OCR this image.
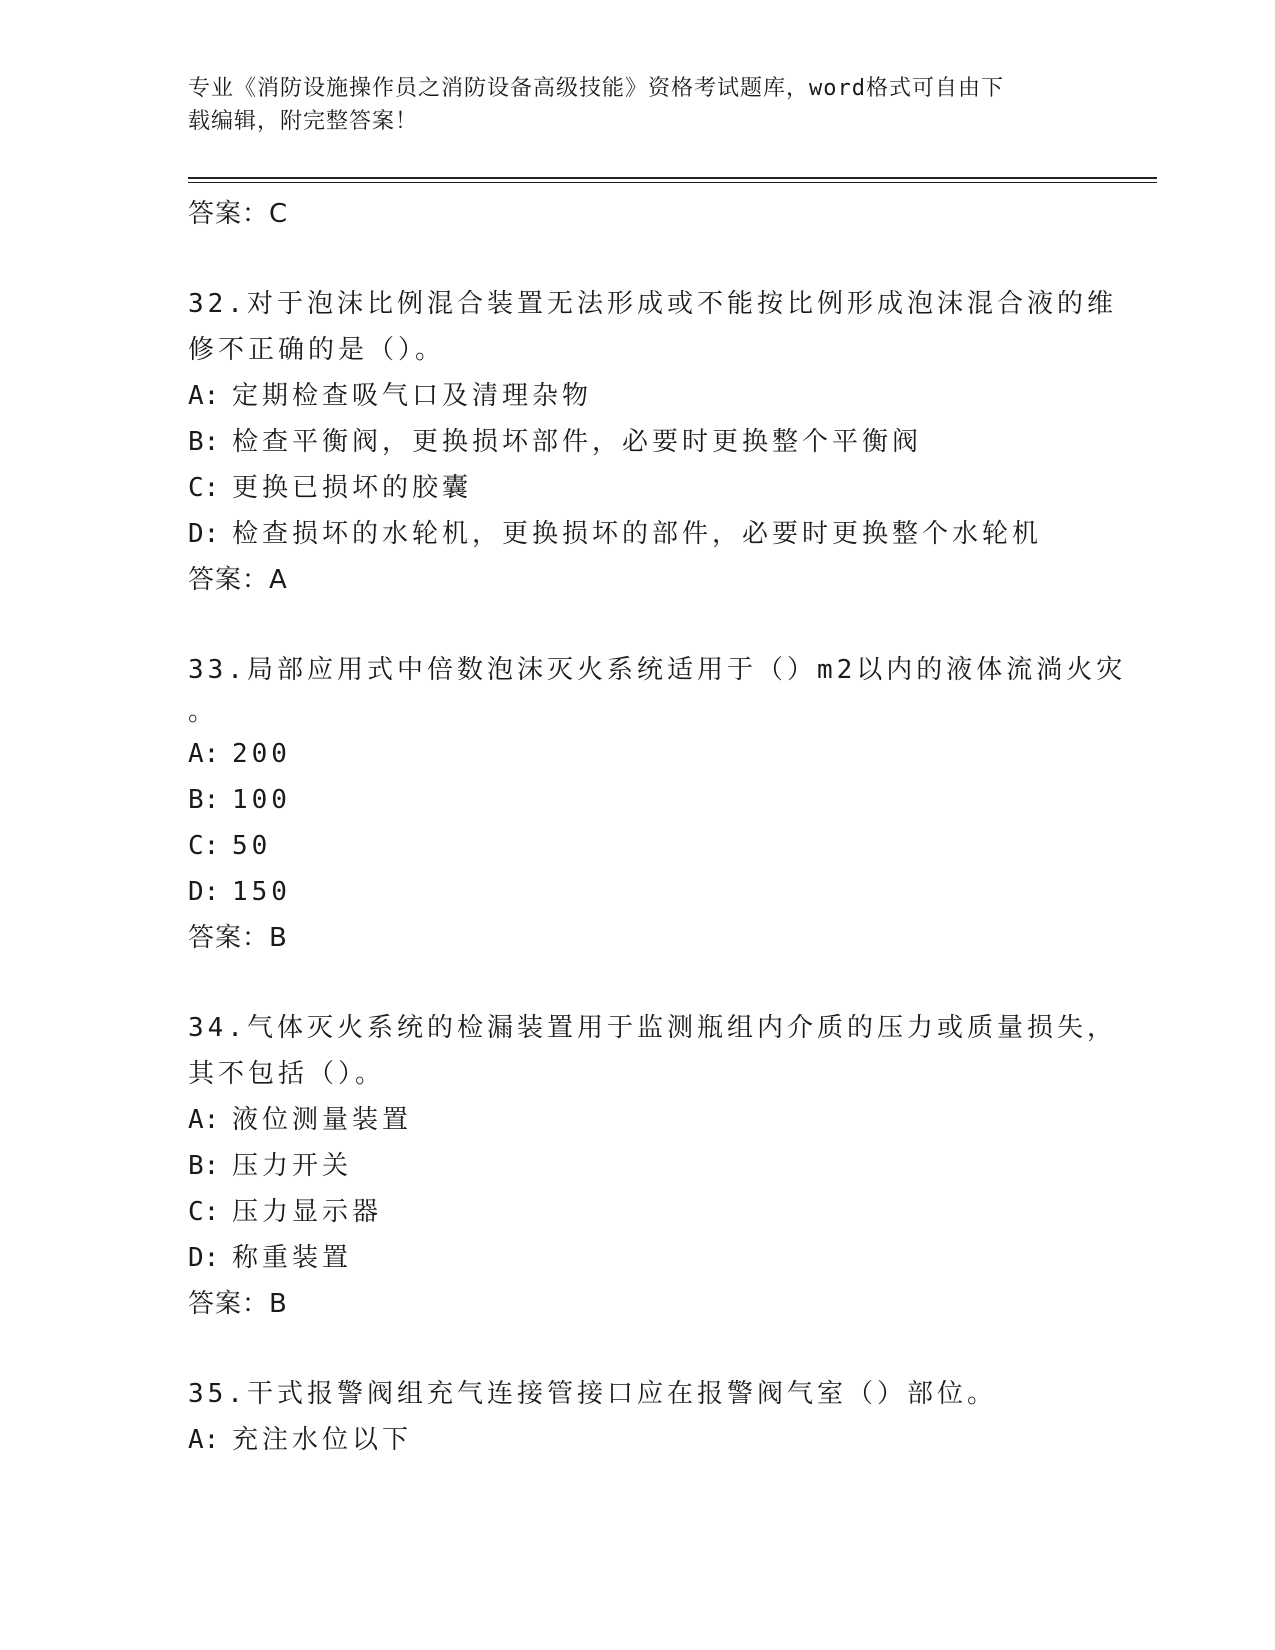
专业《消防设施操作员之消防设备高级技能》资格考试题库，word格式可自由下
载编辑，附完整答案！
答案：C
32.对于泡沫比例混合装置无法形成或不能按比例形成泡沫混合液的维
修不正确的是（）。
A: 定期检查吸气口及清理杂物
B: 检查平衡阀，更换损坏部件，必要时更换整个平衡阀
C: 更换已损坏的胶囊
D: 检查损坏的水轮机，更换损坏的部件，必要时更换整个水轮机
答案：A
33.局部应用式中倍数泡沫灭火系统适用于（）m2以内的液体流淌火灾
。
A: 200
B: 100
C: 50
D: 150
答案：B
34.气体灭火系统的检漏装置用于监测瓶组内介质的压力或质量损失，
其不包括（）。
A: 液位测量装置
B: 压力开关
C: 压力显示器
D: 称重装置
答案：B
35.干式报警阀组充气连接管接口应在报警阀气室（）部位。
A: 充注水位以下
